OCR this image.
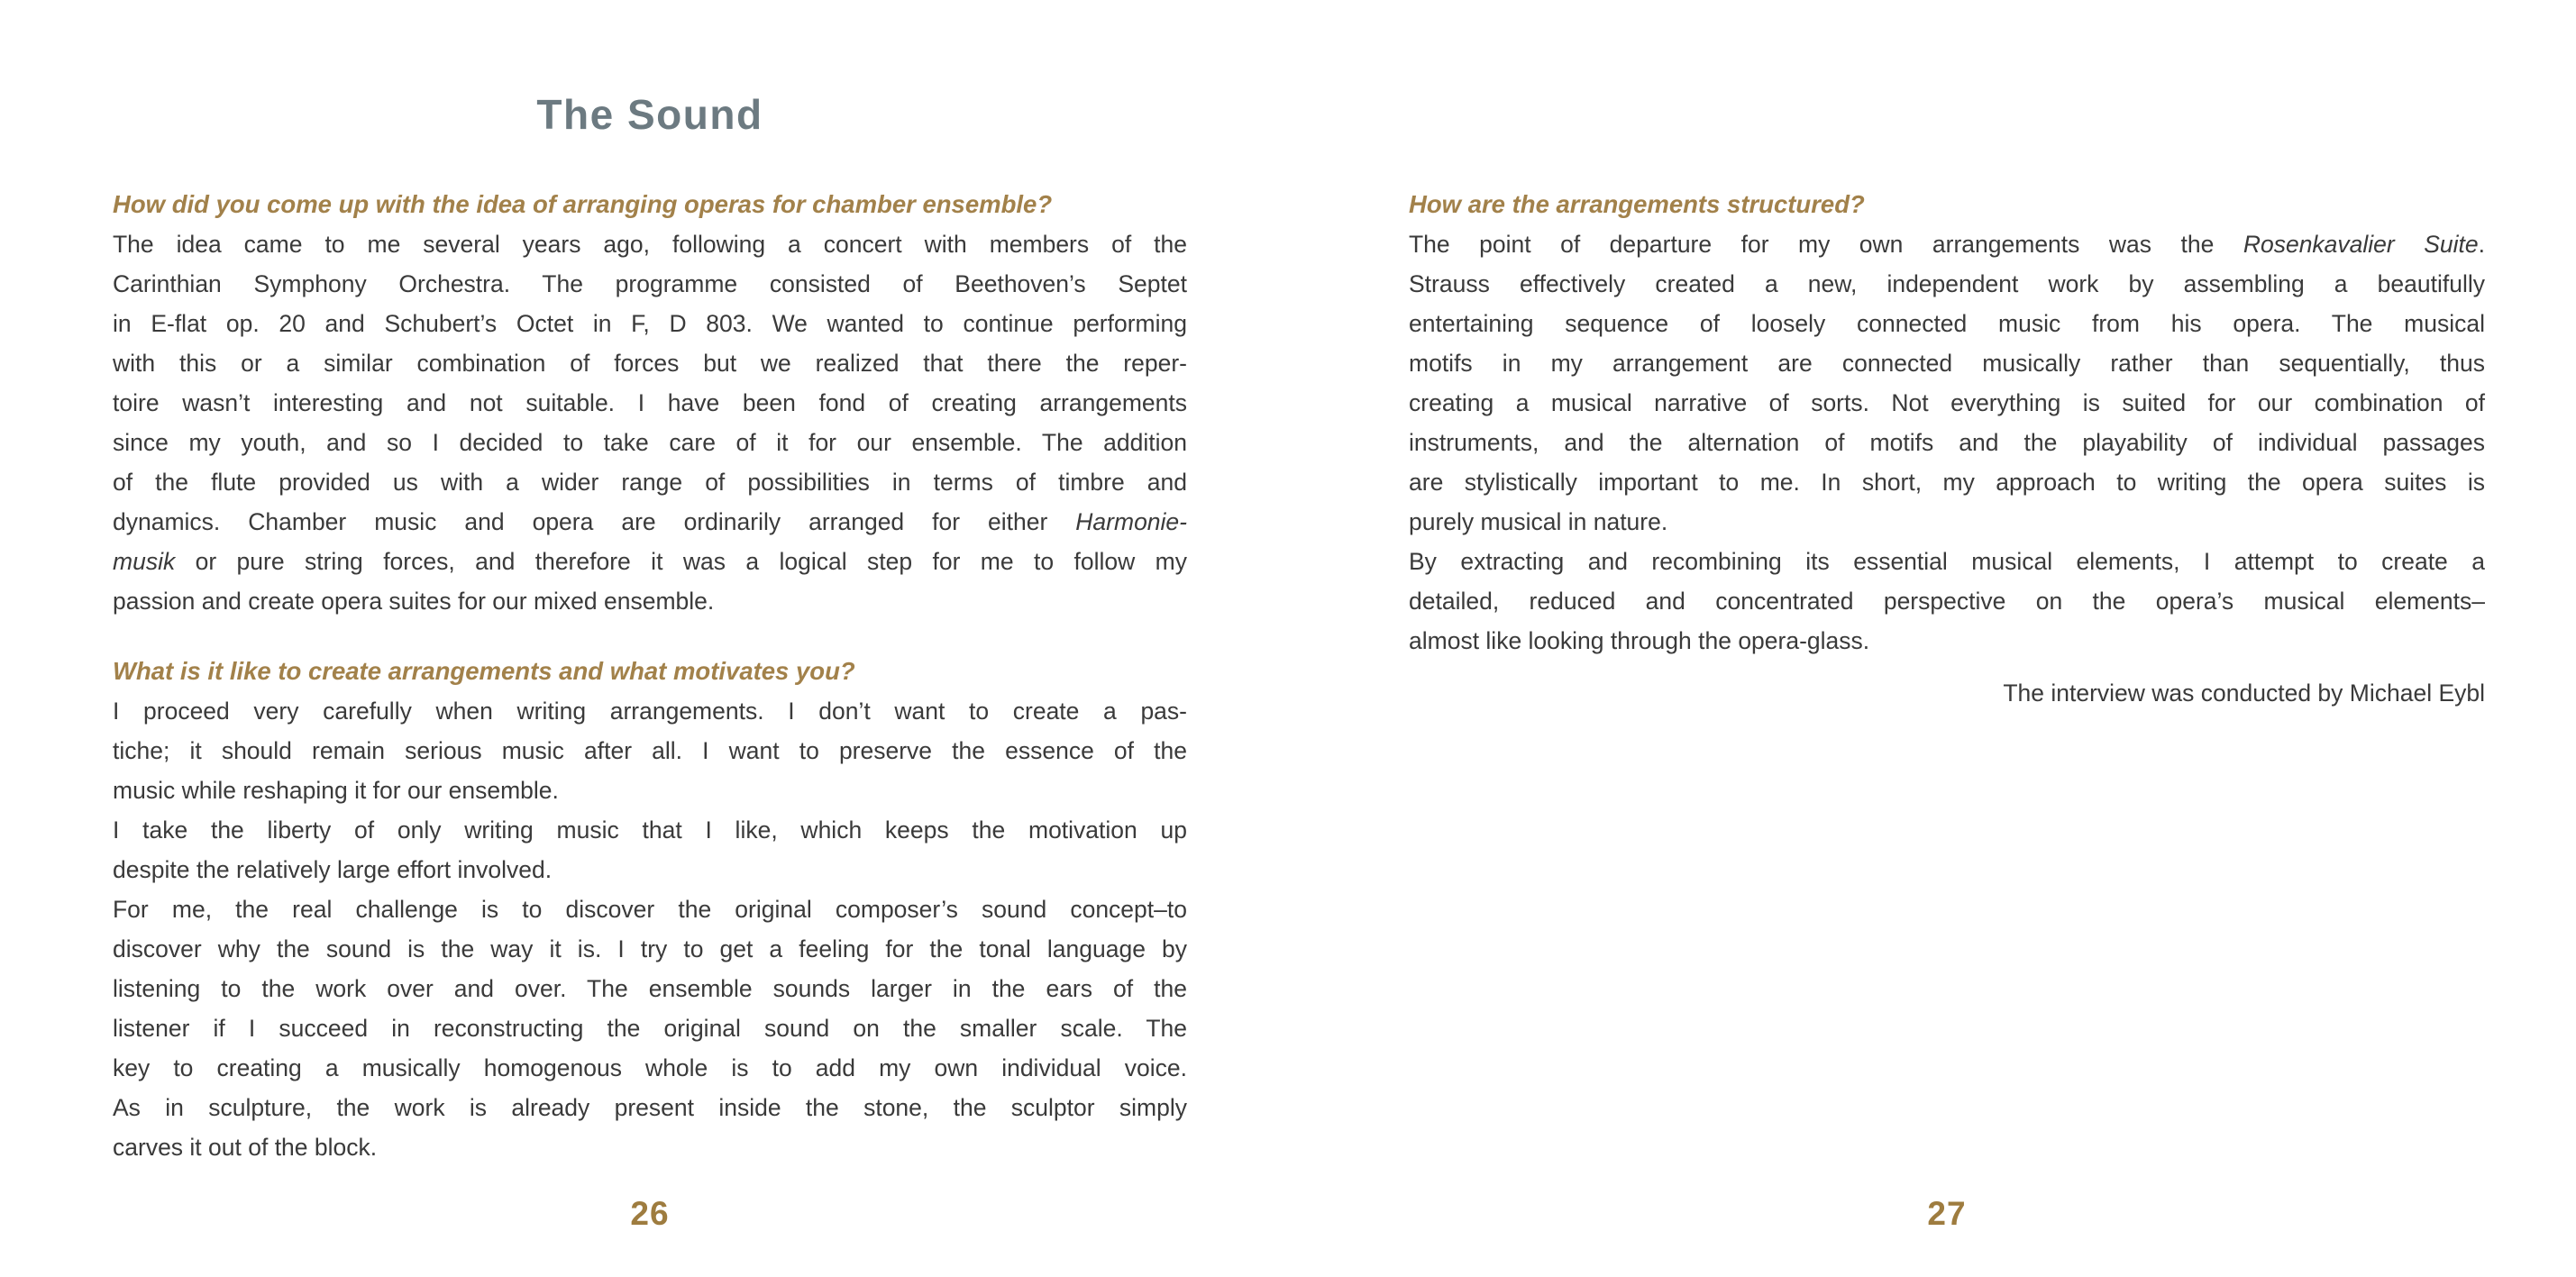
The Sound
How did you come up with the idea of arranging operas for chamber ensemble?
The idea came to me several years ago, following a concert with members of the
Carinthian Symphony Orchestra. The programme consisted of Beethoven’s Septet
in E-flat op. 20 and Schubert’s Octet in F, D 803. We wanted to continue performing
with this or a similar combination of forces but we realized that there the reper-
toire wasn’t interesting and not suitable. I have been fond of creating arrangements
since my youth, and so I decided to take care of it for our ensemble. The addition
of the flute provided us with a wider range of possibilities in terms of timbre and
dynamics. Chamber music and opera are ordinarily arranged for either Harmonie-
musik or pure string forces, and therefore it was a logical step for me to follow my
passion and create opera suites for our mixed ensemble.
What is it like to create arrangements and what motivates you?
I proceed very carefully when writing arrangements. I don’t want to create a pas-
tiche; it should remain serious music after all. I want to preserve the essence of the
music while reshaping it for our ensemble.
I take the liberty of only writing music that I like, which keeps the motivation up
despite the relatively large effort involved.
For me, the real challenge is to discover the original composer’s sound concept–to
discover why the sound is the way it is. I try to get a feeling for the tonal language by
listening to the work over and over. The ensemble sounds larger in the ears of the
listener if I succeed in reconstructing the original sound on the smaller scale. The
key to creating a musically homogenous whole is to add my own individual voice.
As in sculpture, the work is already present inside the stone, the sculptor simply
carves it out of the block.
How are the arrangements structured?
The point of departure for my own arrangements was the Rosenkavalier Suite.
Strauss effectively created a new, independent work by assembling a beautifully
entertaining sequence of loosely connected music from his opera. The musical
motifs in my arrangement are connected musically rather than sequentially, thus
creating a musical narrative of sorts. Not everything is suited for our combination of
instruments, and the alternation of motifs and the playability of individual passages
are stylistically important to me. In short, my approach to writing the opera suites is
purely musical in nature.
By extracting and recombining its essential musical elements, I attempt to create a
detailed, reduced and concentrated perspective on the opera’s musical elements–
almost like looking through the opera-glass.
The interview was conducted by Michael Eybl
26	27
